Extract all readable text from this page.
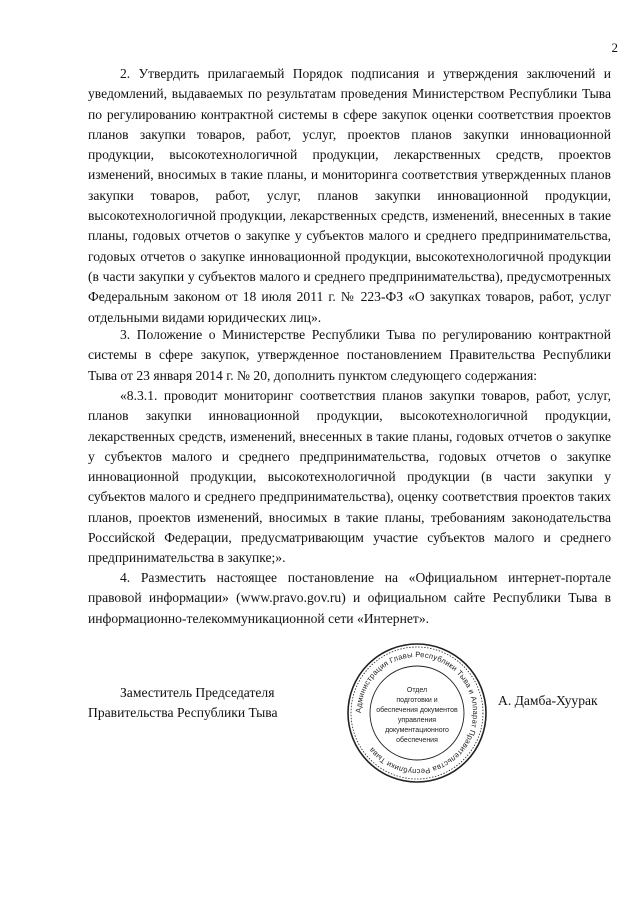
2

2. Утвердить прилагаемый Порядок подписания и утверждения заключений и уведомлений, выдаваемых по результатам проведения Министерством Республики Тыва по регулированию контрактной системы в сфере закупок оценки соответствия проектов планов закупки товаров, работ, услуг, проектов планов закупки инновационной продукции, высокотехнологичной продукции, лекарственных средств, проектов изменений, вносимых в такие планы, и мониторинга соответствия утвержденных планов закупки товаров, работ, услуг, планов закупки инновационной продукции, высокотехнологичной продукции, лекарственных средств, изменений, внесенных в такие планы, годовых отчетов о закупке у субъектов малого и среднего предпринимательства, годовых отчетов о закупке инновационной продукции, высокотехнологичной продукции (в части закупки у субъектов малого и среднего предпринимательства), предусмотренных Федеральным законом от 18 июля 2011 г. № 223-ФЗ «О закупках товаров, работ, услуг отдельными видами юридических лиц».

3. Положение о Министерстве Республики Тыва по регулированию контрактной системы в сфере закупок, утвержденное постановлением Правительства Республики Тыва от 23 января 2014 г. № 20, дополнить пунктом следующего содержания:

«8.3.1. проводит мониторинг соответствия планов закупки товаров, работ, услуг, планов закупки инновационной продукции, высокотехнологичной продукции, лекарственных средств, изменений, внесенных в такие планы, годовых отчетов о закупке у субъектов малого и среднего предпринимательства, годовых отчетов о закупке инновационной продукции, высокотехнологичной продукции (в части закупки у субъектов малого и среднего предпринимательства), оценку соответствия проектов таких планов, проектов изменений, вносимых в такие планы, требованиям законодательства Российской Федерации, предусматривающим участие субъектов малого и среднего предпринимательства в закупке;».

4. Разместить настоящее постановление на «Официальном интернет-портале правовой информации» (www.pravo.gov.ru) и официальном сайте Республики Тыва в информационно-телекоммуникационной сети «Интернет».

Заместитель Председателя
Правительства Республики Тыва	Администрация Главы Республики Тыва и Аппарат Правительства Республики Тыва
Отдел
подготовки и
обеспечения документов
управления
документационного
обеспечения
А. Дамба-Хуурак
